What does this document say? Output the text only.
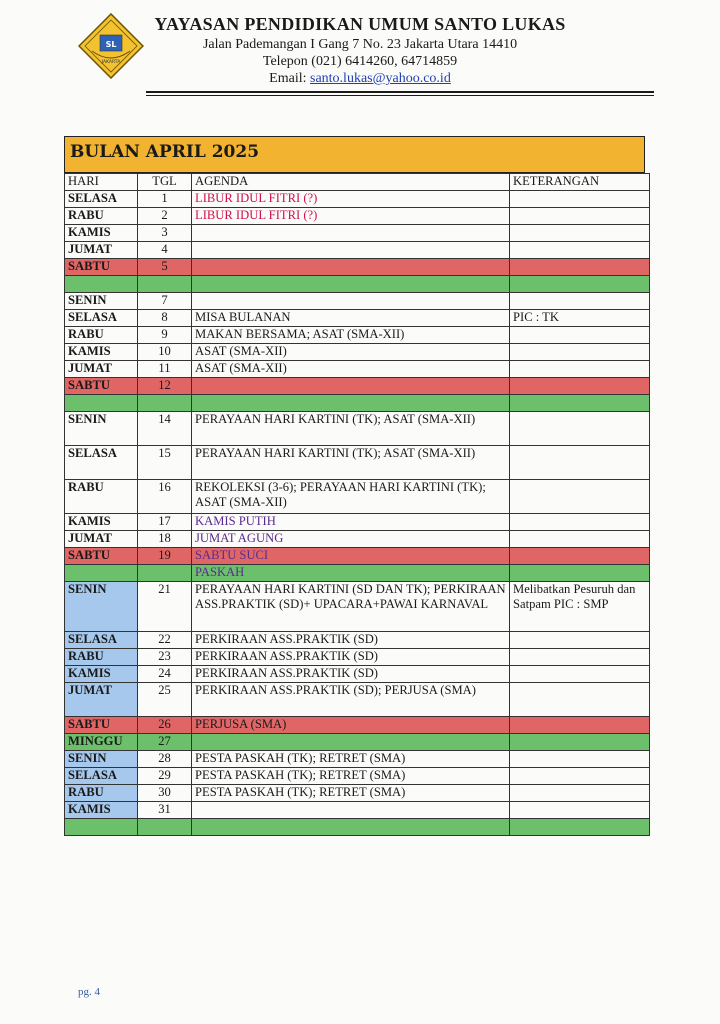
SL
JAKARTA
YAYASAN PENDIDIKAN UMUM SANTO LUKAS
Jalan Pademangan I Gang 7 No. 23 Jakarta Utara 14410
Telepon (021) 6414260, 64714859
Email: santo.lukas@yahoo.co.id
BULAN APRIL 2025
HARI	TGL	AGENDA	KETERANGAN
SELASA	1	LIBUR IDUL FITRI (?)	
RABU	2	LIBUR IDUL FITRI (?)	
KAMIS	3		
JUMAT	4		
SABTU	5		

SENIN	7		
SELASA	8	MISA BULANAN	PIC : TK
RABU	9	MAKAN BERSAMA; ASAT (SMA-XII)	
KAMIS	10	ASAT (SMA-XII)	
JUMAT	11	ASAT (SMA-XII)	
SABTU	12		

SENIN	14	PERAYAAN HARI KARTINI (TK); ASAT (SMA-XII)	
SELASA	15	PERAYAAN HARI KARTINI (TK); ASAT (SMA-XII)	
RABU	16	REKOLEKSI (3-6); PERAYAAN HARI KARTINI (TK); ASAT (SMA-XII)	
KAMIS	17	KAMIS PUTIH	
JUMAT	18	JUMAT AGUNG	
SABTU	19	SABTU SUCI	
		PASKAH	
SENIN	21	PERAYAAN HARI KARTINI (SD DAN TK); PERKIRAAN ASS.PRAKTIK (SD)+ UPACARA+PAWAI KARNAVAL	Melibatkan Pesuruh dan Satpam PIC : SMP
SELASA	22	PERKIRAAN ASS.PRAKTIK (SD)	
RABU	23	PERKIRAAN ASS.PRAKTIK (SD)	
KAMIS	24	PERKIRAAN ASS.PRAKTIK (SD)	
JUMAT	25	PERKIRAAN ASS.PRAKTIK (SD); PERJUSA (SMA)	
SABTU	26	PERJUSA (SMA)	
MINGGU	27		
SENIN	28	PESTA PASKAH (TK); RETRET (SMA)	
SELASA	29	PESTA PASKAH (TK); RETRET (SMA)	
RABU	30	PESTA PASKAH (TK); RETRET (SMA)	
KAMIS	31		

pg. 4
